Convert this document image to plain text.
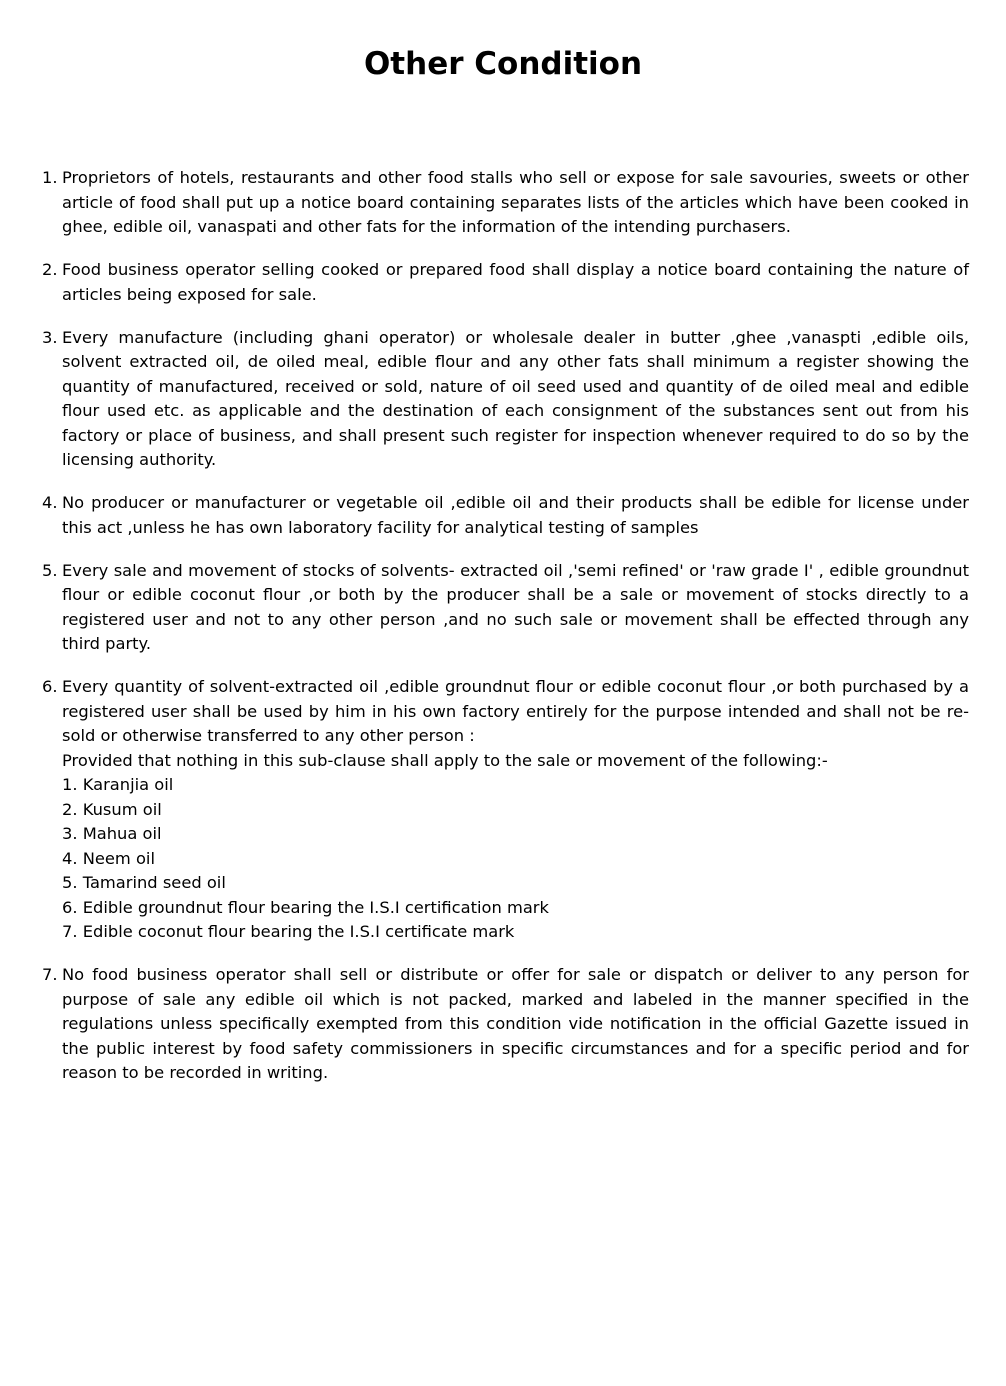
Other Condition
1. Proprietors of hotels, restaurants and other food stalls who sell or expose for sale savouries, sweets or other article of food shall put up a notice board containing separates lists of the articles which have been cooked in ghee, edible oil, vanaspati and other fats for the information of the intending purchasers.
2. Food business operator selling cooked or prepared food shall display a notice board containing the nature of articles being exposed for sale.
3. Every manufacture (including ghani operator) or wholesale dealer in butter ,ghee ,vanaspti ,edible oils, solvent extracted oil, de oiled meal, edible flour and any other fats shall minimum a register showing the quantity of manufactured, received or sold, nature of oil seed used and quantity of de oiled meal and edible flour used etc. as applicable and the destination of each consignment of the substances sent out from his factory or place of business, and shall present such register for inspection whenever required to do so by the licensing authority.
4. No producer or manufacturer or vegetable oil ,edible oil and their products shall be edible for license under this act ,unless he has own laboratory facility for analytical testing of samples
5. Every sale and movement of stocks of solvents- extracted oil ,'semi refined' or 'raw grade I' , edible groundnut flour or edible coconut flour ,or both by the producer shall be a sale or movement of stocks directly to a registered user and not to any other person ,and no such sale or movement shall be effected through any third party.
6. Every quantity of solvent-extracted oil ,edible groundnut flour or edible coconut flour ,or both purchased by a registered user shall be used by him in his own factory entirely for the purpose intended and shall not be re-sold or otherwise transferred to any other person :
Provided that nothing in this sub-clause shall apply to the sale or movement of the following:-
1. Karanjia oil
2. Kusum oil
3. Mahua oil
4. Neem oil
5. Tamarind seed oil
6. Edible groundnut flour bearing the I.S.I certification mark
7. Edible coconut flour bearing the I.S.I certificate mark
7. No food business operator shall sell or distribute or offer for sale or dispatch or deliver to any person for purpose of sale any edible oil which is not packed, marked and labeled in the manner specified in the regulations unless specifically exempted from this condition vide notification in the official Gazette issued in the public interest by food safety commissioners in specific circumstances and for a specific period and for reason to be recorded in writing.
